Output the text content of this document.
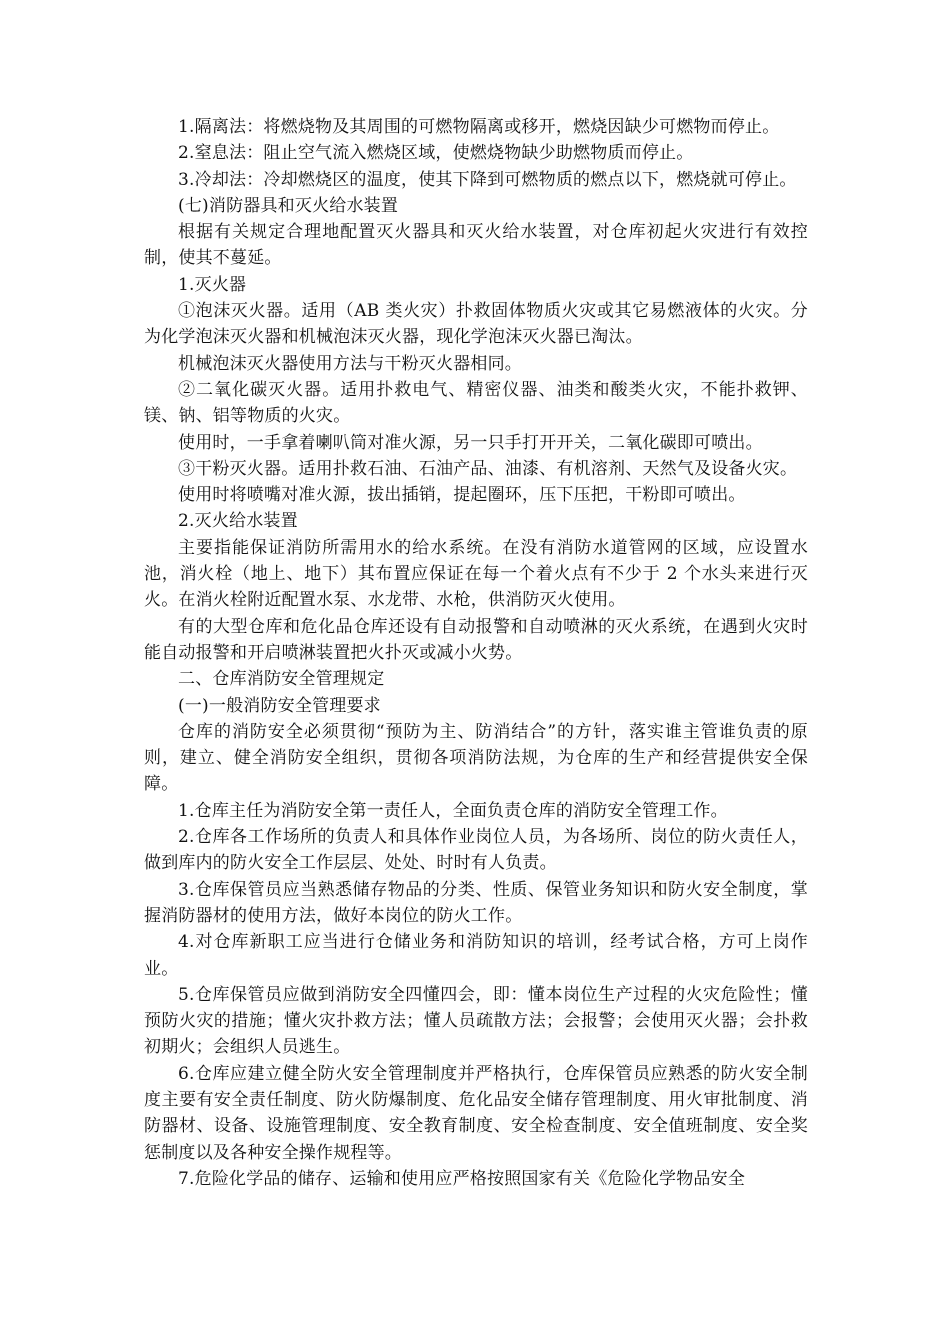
1.隔离法：将燃烧物及其周围的可燃物隔离或移开，燃烧因缺少可燃物而停止。

2.窒息法：阻止空气流入燃烧区域，使燃烧物缺少助燃物质而停止。

3.冷却法：冷却燃烧区的温度，使其下降到可燃物质的燃点以下，燃烧就可停止。

(七)消防器具和灭火给水装置

根据有关规定合理地配置灭火器具和灭火给水装置，对仓库初起火灾进行有效控制，使其不蔓延。

1.灭火器

①泡沫灭火器。适用（AB 类火灾）扑救固体物质火灾或其它易燃液体的火灾。分为化学泡沫灭火器和机械泡沫灭火器，现化学泡沫灭火器已淘汰。

机械泡沫灭火器使用方法与干粉灭火器相同。

②二氧化碳灭火器。适用扑救电气、精密仪器、油类和酸类火灾，不能扑救钾、镁、钠、铝等物质的火灾。

使用时，一手拿着喇叭筒对准火源，另一只手打开开关，二氧化碳即可喷出。

③干粉灭火器。适用扑救石油、石油产品、油漆、有机溶剂、天然气及设备火灾。

使用时将喷嘴对准火源，拔出插销，提起圈环，压下压把，干粉即可喷出。

2.灭火给水装置

主要指能保证消防所需用水的给水系统。在没有消防水道管网的区域，应设置水池，消火栓（地上、地下）其布置应保证在每一个着火点有不少于 2 个水头来进行灭火。在消火栓附近配置水泵、水龙带、水枪，供消防灭火使用。

有的大型仓库和危化品仓库还设有自动报警和自动喷淋的灭火系统，在遇到火灾时能自动报警和开启喷淋装置把火扑灭或减小火势。

二、仓库消防安全管理规定

(一)一般消防安全管理要求

仓库的消防安全必须贯彻“预防为主、防消结合”的方针，落实谁主管谁负责的原则，建立、健全消防安全组织，贯彻各项消防法规，为仓库的生产和经营提供安全保障。

1.仓库主任为消防安全第一责任人，全面负责仓库的消防安全管理工作。

2.仓库各工作场所的负责人和具体作业岗位人员，为各场所、岗位的防火责任人，做到库内的防火安全工作层层、处处、时时有人负责。

3.仓库保管员应当熟悉储存物品的分类、性质、保管业务知识和防火安全制度，掌握消防器材的使用方法，做好本岗位的防火工作。

4.对仓库新职工应当进行仓储业务和消防知识的培训，经考试合格，方可上岗作业。

5.仓库保管员应做到消防安全四懂四会，即：懂本岗位生产过程的火灾危险性；懂预防火灾的措施；懂火灾扑救方法；懂人员疏散方法；会报警；会使用灭火器；会扑救初期火；会组织人员逃生。

6.仓库应建立健全防火安全管理制度并严格执行，仓库保管员应熟悉的防火安全制度主要有安全责任制度、防火防爆制度、危化品安全储存管理制度、用火审批制度、消防器材、设备、设施管理制度、安全教育制度、安全检查制度、安全值班制度、安全奖惩制度以及各种安全操作规程等。

7.危险化学品的储存、运输和使用应严格按照国家有关《危险化学物品安全
